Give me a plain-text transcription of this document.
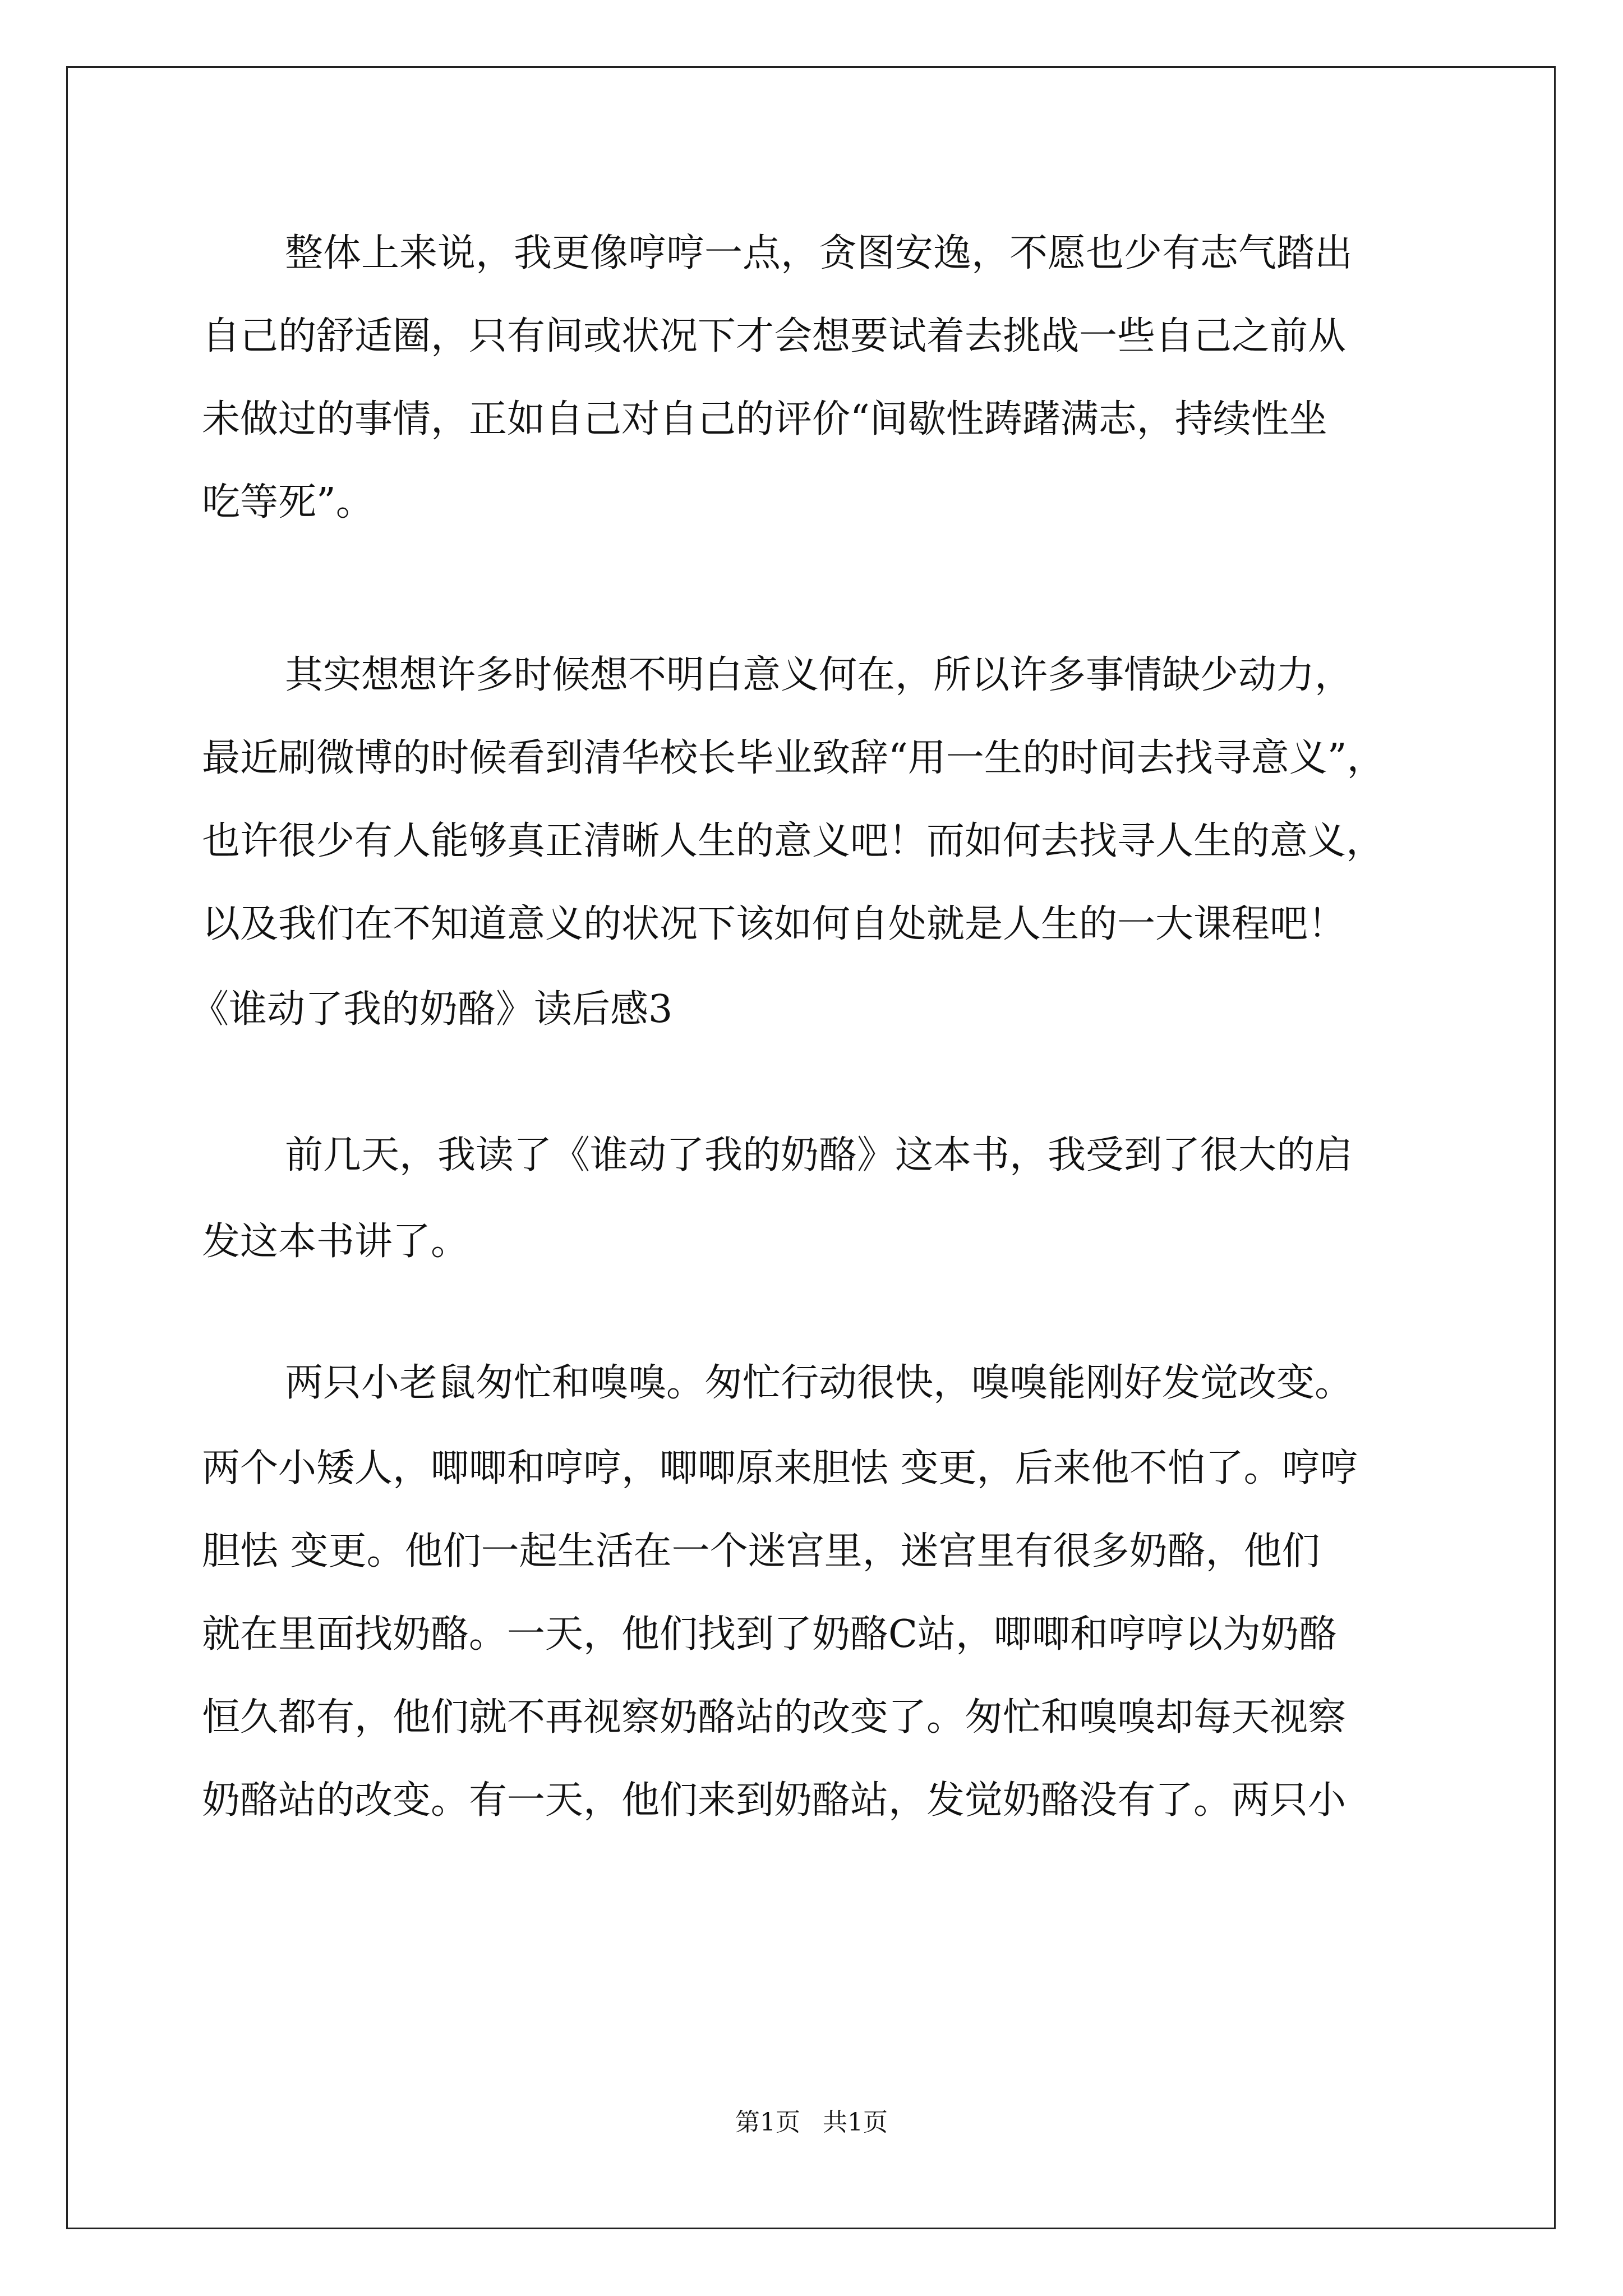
整体上来说，我更像哼哼一点，贪图安逸，不愿也少有志气踏出
自己的舒适圈，只有间或状况下才会想要试着去挑战一些自己之前从
未做过的事情，正如自己对自己的评价“间歇性踌躇满志，持续性坐
吃等死”。
其实想想许多时候想不明白意义何在，所以许多事情缺少动力，
最近刷微博的时候看到清华校长毕业致辞“用一生的时间去找寻意义”，
也许很少有人能够真正清晰人生的意义吧！而如何去找寻人生的意义，
以及我们在不知道意义的状况下该如何自处就是人生的一大课程吧！
《谁动了我的奶酪》读后感3
前几天，我读了《谁动了我的奶酪》这本书，我受到了很大的启
发这本书讲了。
两只小老鼠匆忙和嗅嗅。匆忙行动很快，嗅嗅能刚好发觉改变。
两个小矮人，唧唧和哼哼，唧唧原来胆怯 变更，后来他不怕了。哼哼
胆怯 变更。他们一起生活在一个迷宫里，迷宫里有很多奶酪，他们
就在里面找奶酪。一天，他们找到了奶酪C站，唧唧和哼哼以为奶酪
恒久都有，他们就不再视察奶酪站的改变了。匆忙和嗅嗅却每天视察
奶酪站的改变。有一天，他们来到奶酪站，发觉奶酪没有了。两只小
第1页 共1页
